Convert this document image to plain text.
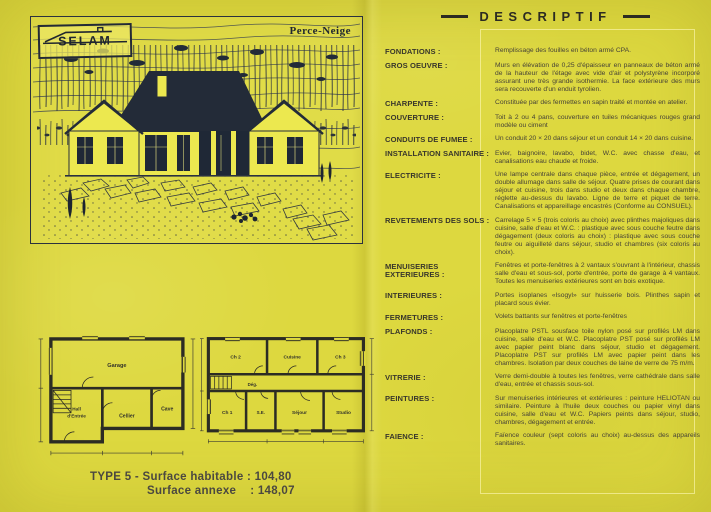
SELAM
Perce-Neige
Garage
Hall
d'Entrée	Cellier
Cave
Ch 2	Cuisine	Ch 3
Dég.
Ch 1	S.E.	Séjour	Studio
TYPE 5 - Surface habitable : 104,80
Surface annexe    : 148,07
DESCRIPTIF
FONDATIONS :	Remplissage des fouilles en béton armé CPA.
GROS OEUVRE :	Murs en élévation de 0,25 d'épaisseur en panneaux de béton armé de la hauteur de l'étage avec vide d'air et polystyrène incorporé assurant une très grande isothermie. La face extérieure des murs sera recouverte d'un enduit tyrolien.
CHARPENTE :	Constituée par des fermettes en sapin traité et montée en atelier.
COUVERTURE :	Toit à 2 ou 4 pans, couverture en tuiles mécaniques rouges grand modèle ou ciment
CONDUITS DE FUMEE :	Un conduit 20 × 20 dans séjour et un conduit 14 × 20 dans cuisine.
INSTALLATION SANITAIRE : Evier, baignoire, lavabo, bidet, W.C. avec chasse d'eau, et canalisations eau chaude et froide.
ELECTRICITE :	Une lampe centrale dans chaque pièce, entrée et dégagement, un double allumage dans salle de séjour. Quatre prises de courant dans séjour et cuisine, trois dans studio et deux dans chaque chambre, réglette au-dessus du lavabo. Ligne de terre et piquet de terre. Canalisations et appareillage encastrés (Conforme au CONSUEL).
REVETEMENTS DES SOLS : Carrelage 5 × 5 (trois coloris au choix) avec plinthes majoliques dans cuisine, salle d'eau et W.C. : plastique avec sous couche feutre dans dégagement (deux coloris au choix) : plastique avec sous couche feutre ou aiguilleté dans séjour, studio et chambres (six coloris au choix).
MENUISERIES EXTERIEURES :
Fenêtres et porte-fenêtres à 2 vantaux s'ouvrant à l'intérieur, chassis salle d'eau et sous-sol, porte d'entrée, porte de garage à 4 vantaux. Toutes les menuiseries extérieures sont en bois exotique.
INTERIEURES :	Portes isoplanes «Isogyl» sur huisserie bois. Plinthes sapin et placard sous évier.
FERMETURES :	Volets battants sur fenêtres et porte-fenêtres
PLAFONDS :	Placoplatre PSTL sousface toile nylon posé sur profilés LM dans cuisine, salle d'eau et W.C. Placoplatre PST posé sur profilés LM avec papier peint blanc dans séjour, studio et dégagement. Placoplatre PST sur profilés LM avec papier peint dans les chambres. Isolation par deux couches de laine de verre de 75 m/m.
VITRERIE :	Verre demi-double à toutes les fenêtres, verre cathédrale dans salle d'eau, entrée et chassis sous-sol.
PEINTURES :	Sur menuiseries intérieures et extérieures : peinture HELIOTAN ou similaire. Peinture à l'huile deux couches ou papier vinyl dans cuisine, salle d'eau et W.C. Papiers peints dans séjour, studio, chambres, dégagement et entrée.
FAIENCE :	Faïence couleur (sept coloris au choix) au-dessus des appareils sanitaires.
